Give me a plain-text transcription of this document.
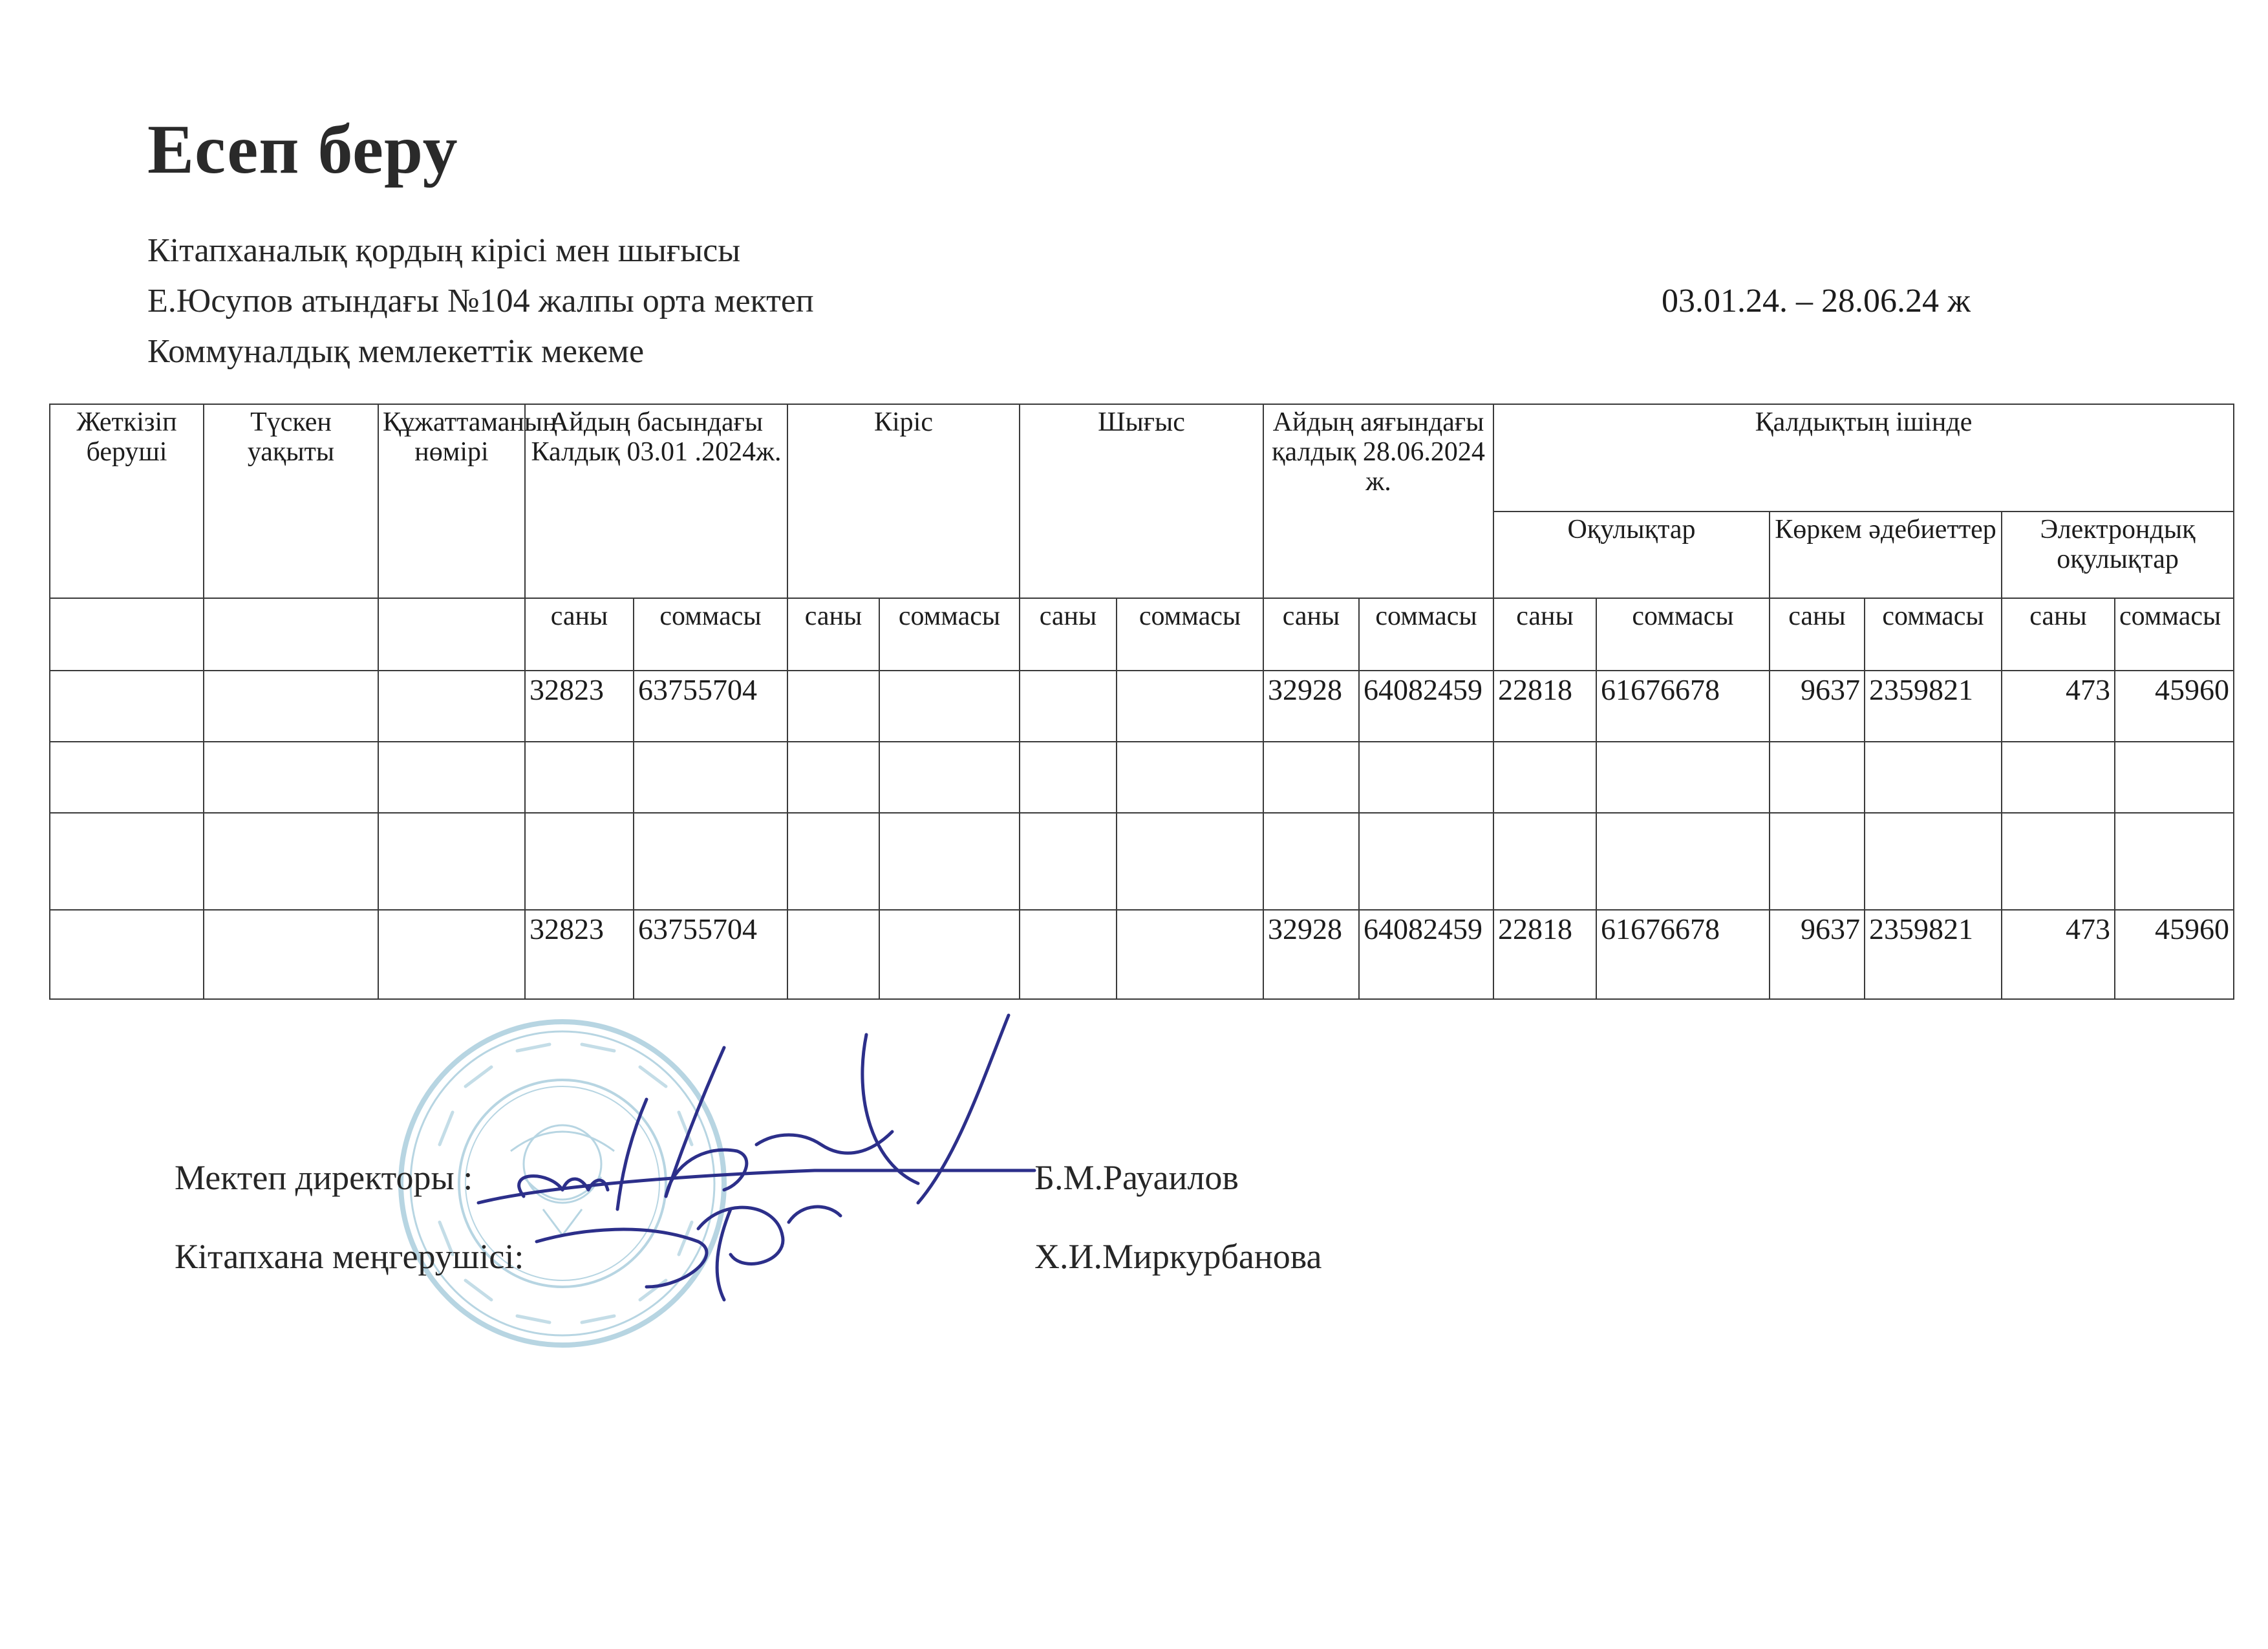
Есеп беру
Кітапханалық қордың кірісі мен шығысы
Е.Юсупов атындағы №104 жалпы орта мектеп
Коммуналдық мемлекеттік мекеме
03.01.24. – 28.06.24 ж
Жеткізіп беруші	Түскен уақыты	Құжаттаманың нөмірі	Айдың басындағы Калдық 03.01 .2024ж.		Кіріс		Шығыс		Айдың аяғындағы қалдық 28.06.2024 ж.		Қалдықтың ішінде					
											Оқулықтар		Көркем әдебиеттер		Электрондық оқулықтар	
			саны	соммасы	саны	соммасы	саны	соммасы	саны	соммасы	саны	соммасы	саны	соммасы	саны	соммасы
			32823	63755704					32928	64082459	22818	61676678	9637	2359821	473	45960

			32823	63755704					32928	64082459	22818	61676678	9637	2359821	473	45960
Мектеп директоры :	Б.М.Рауаилов
Кітапхана меңгерушісі:	Х.И.Миркурбанова
